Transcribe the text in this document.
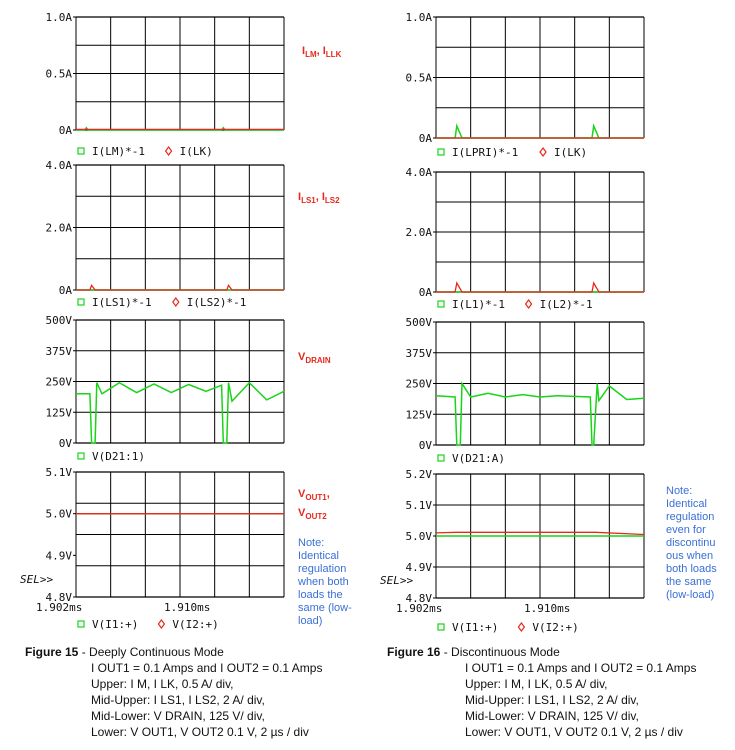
1.0A
0.5A
0A
I(LM)*-1	I(LK)
4.0A
2.0A
0A
I(LS1)*-1	I(LS2)*-1
500V
375V
250V
125V
0V
V(D21:1)
5.1V
5.0V
4.9V
4.8V
SEL>>
V(I1:+)	V(I2:+)
1.902ms	1.910ms
1.0A
0.5A
0A
I(LPRI)*-1	I(LK)
4.0A
2.0A
0A
I(L1)*-1	I(L2)*-1
500V
375V
250V
125V
0V
V(D21:A)
5.2V
5.1V
5.0V
4.9V
4.8V
SEL>>
V(I1:+)	V(I2:+)
1.902ms	1.910ms
$I_{LM}$, $I_{LLK}$
$I_{LS1}$, $I_{LS2}$
$V_{DRAIN}$
$V_{OUT1}$,
$V_{OUT2}$
Note:
Identical
regulation
when both
loads the
same (low-
load)
Note:
Identical
regulation
even for
discontinu
ous when
both loads
the same
(low-load)
Figure 15 - Deeply Continuous Mode
I OUT1 = 0.1 Amps and I OUT2 = 0.1 Amps
Upper: I M, I LK, 0.5 A/ div,
Mid-Upper: I LS1, I LS2, 2 A/ div,
Mid-Lower: V DRAIN, 125 V/ div,
Lower: V OUT1, V OUT2 0.1 V, 2 µs / div
Figure 16 - Discontinuous Mode
I OUT1 = 0.1 Amps and I OUT2 = 0.1 Amps
Upper: I M, I LK, 0.5 A/ div,
Mid-Upper: I LS1, I LS2, 2 A/ div,
Mid-Lower: V DRAIN, 125 V/ div,
Lower: V OUT1, V OUT2 0.1 V, 2 µs / div
